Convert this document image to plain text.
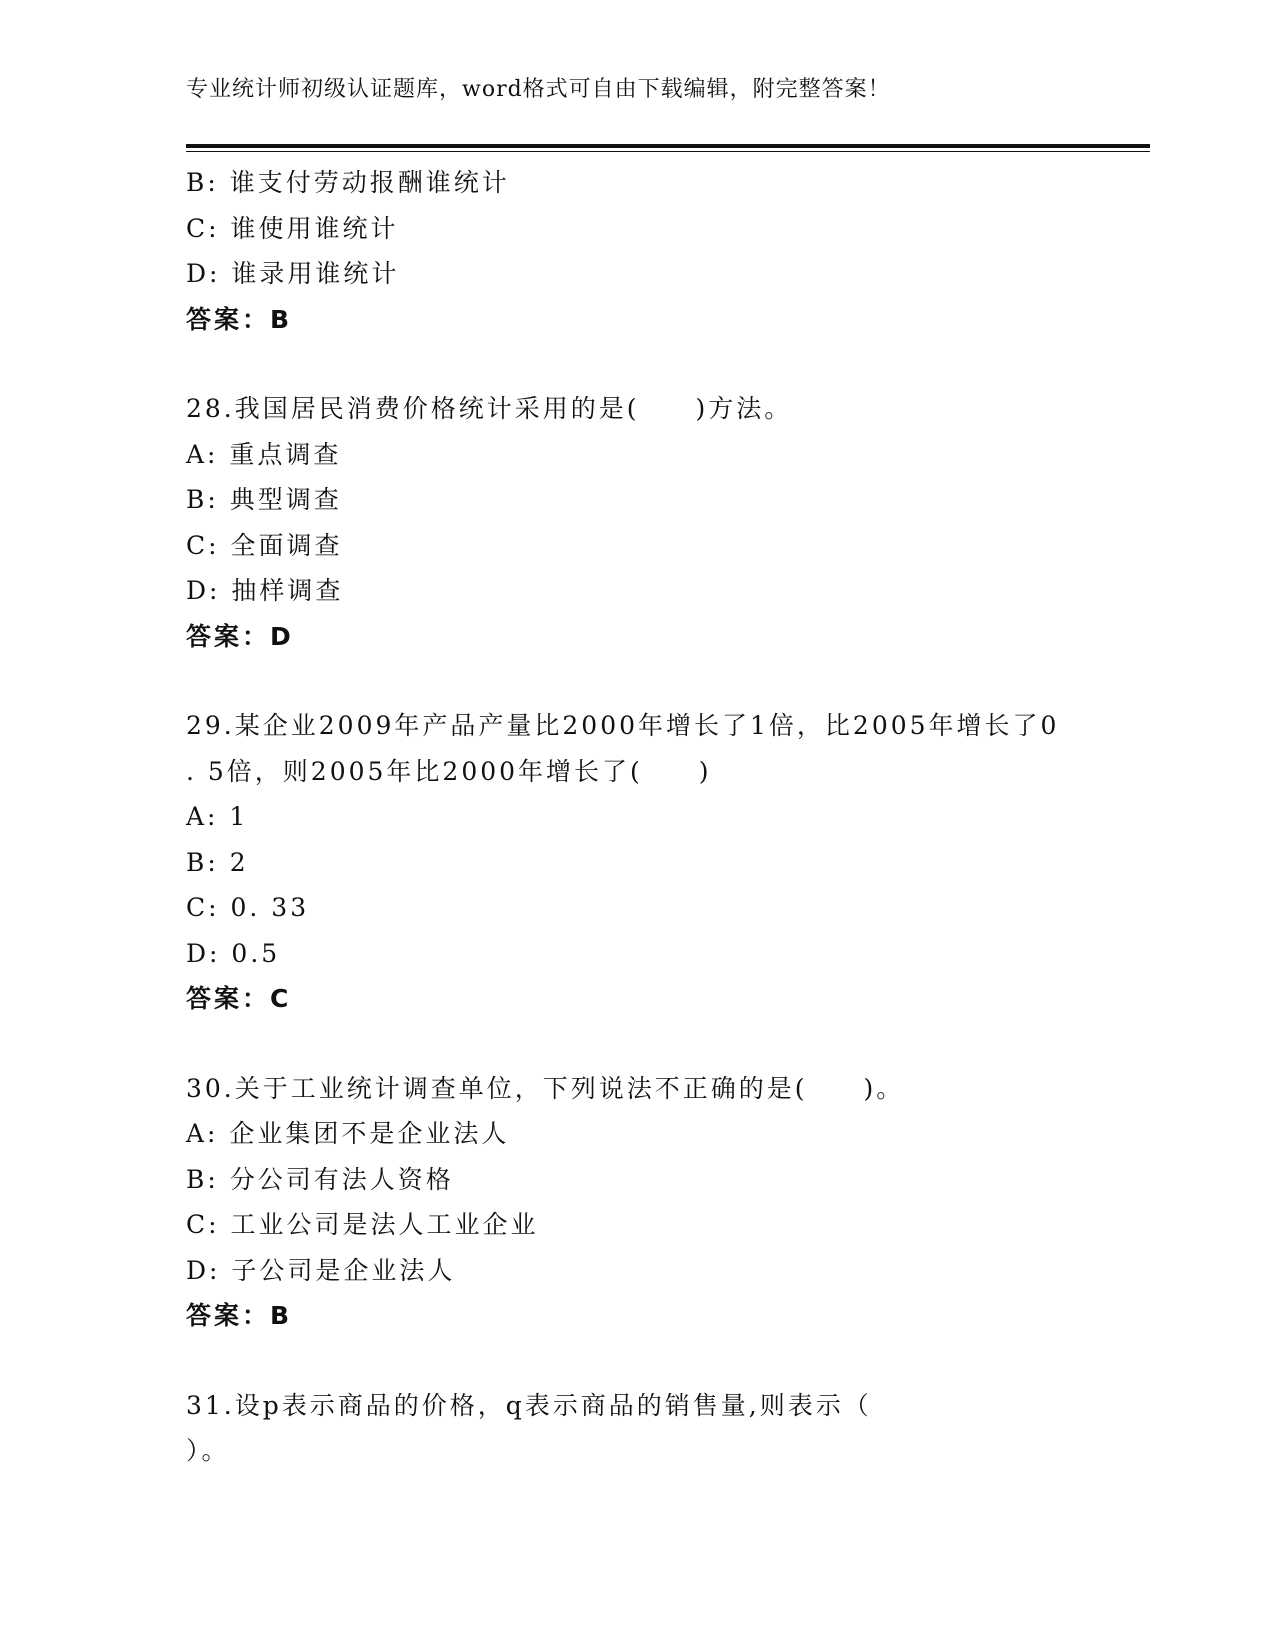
专业统计师初级认证题库，word格式可自由下载编辑，附完整答案！
B: 谁支付劳动报酬谁统计
C: 谁使用谁统计
D: 谁录用谁统计
答案：B
28.我国居民消费价格统计采用的是(　　)方法。
A: 重点调查
B: 典型调查
C: 全面调查
D: 抽样调查
答案：D
29.某企业2009年产品产量比2000年增长了1倍，比2005年增长了0
. 5倍，则2005年比2000年增长了(　　)
A: 1
B: 2
C: 0. 33
D: 0.5
答案：C
30.关于工业统计调查单位，下列说法不正确的是(　　)。
A: 企业集团不是企业法人
B: 分公司有法人资格
C: 工业公司是法人工业企业
D: 子公司是企业法人
答案：B
31.设p表示商品的价格，q表示商品的销售量,则表示（
）。
